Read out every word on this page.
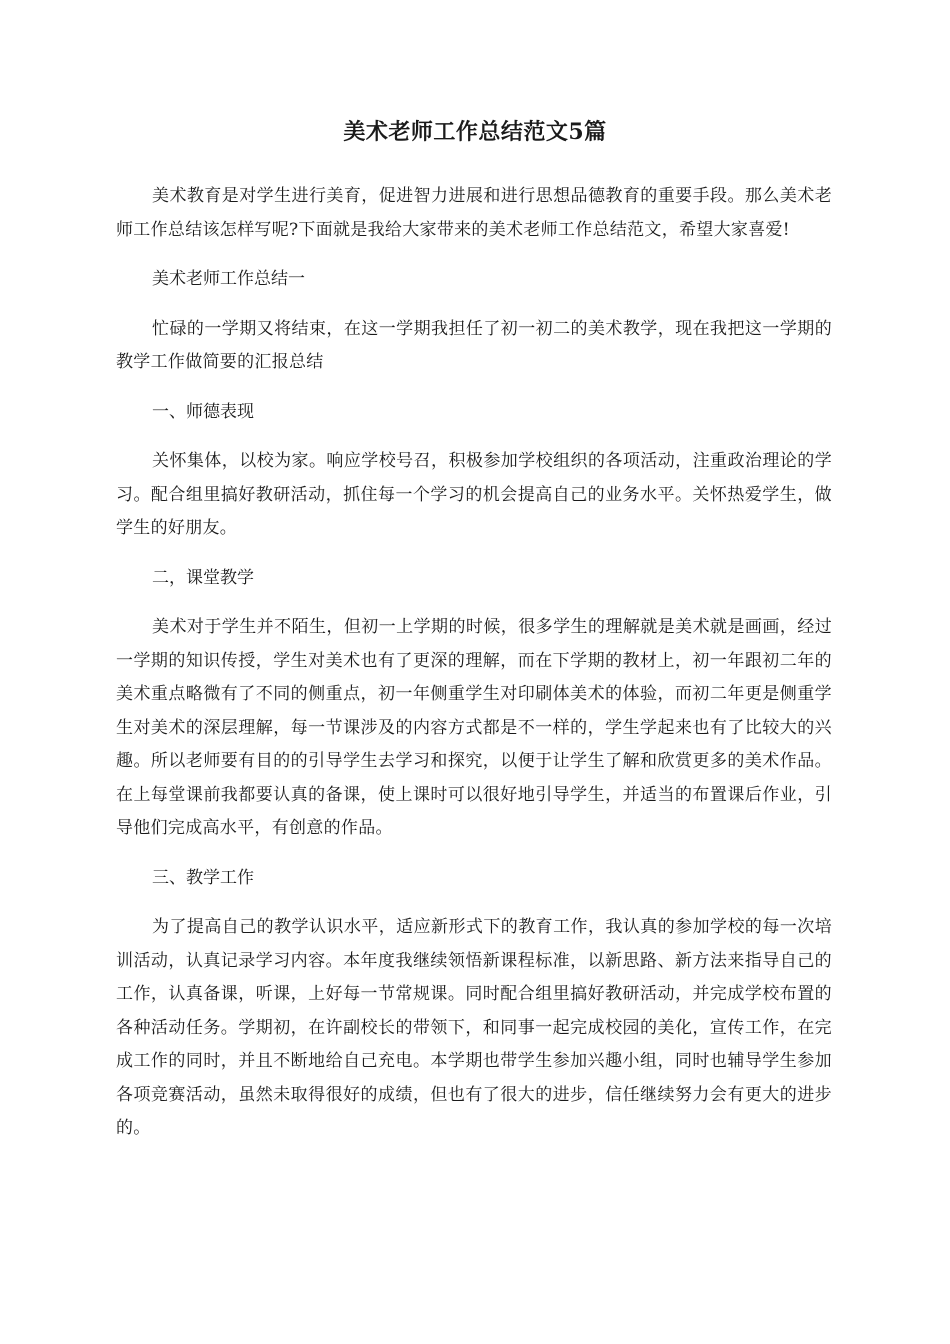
美术老师工作总结范文5篇

美术教育是对学生进行美育，促进智力进展和进行思想品德教育的重要手段。那么美术老师工作总结该怎样写呢?下面就是我给大家带来的美术老师工作总结范文，希望大家喜爱!

美术老师工作总结一

忙碌的一学期又将结束，在这一学期我担任了初一初二的美术教学，现在我把这一学期的教学工作做简要的汇报总结

一、师德表现

关怀集体，以校为家。响应学校号召，积极参加学校组织的各项活动，注重政治理论的学习。配合组里搞好教研活动，抓住每一个学习的机会提高自己的业务水平。关怀热爱学生，做学生的好朋友。

二，课堂教学

美术对于学生并不陌生，但初一上学期的时候，很多学生的理解就是美术就是画画，经过一学期的知识传授，学生对美术也有了更深的理解，而在下学期的教材上，初一年跟初二年的美术重点略微有了不同的侧重点，初一年侧重学生对印刷体美术的体验，而初二年更是侧重学生对美术的深层理解，每一节课涉及的内容方式都是不一样的，学生学起来也有了比较大的兴趣。所以老师要有目的的引导学生去学习和探究，以便于让学生了解和欣赏更多的美术作品。在上每堂课前我都要认真的备课，使上课时可以很好地引导学生，并适当的布置课后作业，引导他们完成高水平，有创意的作品。

三、教学工作

为了提高自己的教学认识水平，适应新形式下的教育工作，我认真的参加学校的每一次培训活动，认真记录学习内容。本年度我继续领悟新课程标准，以新思路、新方法来指导自己的工作，认真备课，听课，上好每一节常规课。同时配合组里搞好教研活动，并完成学校布置的各种活动任务。学期初，在许副校长的带领下，和同事一起完成校园的美化，宣传工作，在完成工作的同时，并且不断地给自己充电。本学期也带学生参加兴趣小组，同时也辅导学生参加各项竞赛活动，虽然未取得很好的成绩，但也有了很大的进步，信任继续努力会有更大的进步的。
